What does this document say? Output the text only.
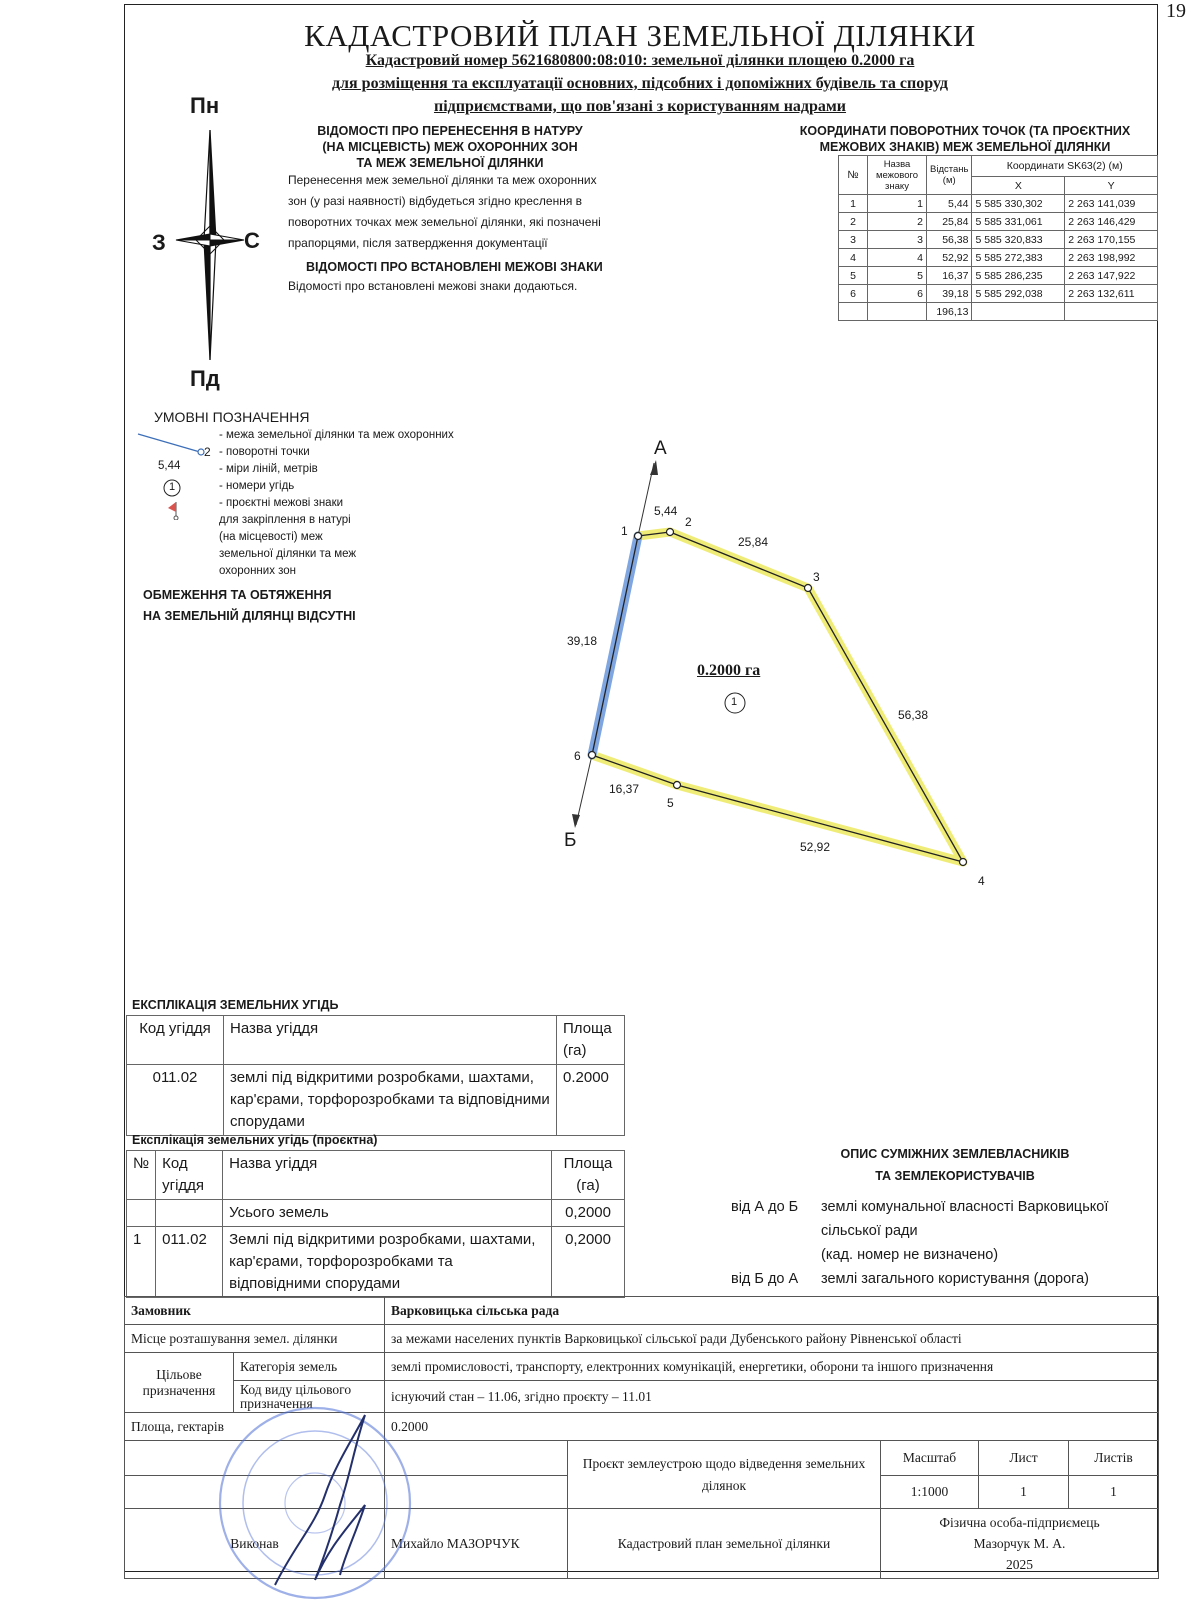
19
КАДАСТРОВИЙ ПЛАН ЗЕМЕЛЬНОЇ ДІЛЯНКИ
Кадастровий номер 5621680800:08:010: земельної ділянки площею 0.2000 га
для розміщення та експлуатації основних, підсобних і допоміжних будівель та споруд
підприємствами, що пов'язані з користуванням надрами
Пн
Пд
З	С
ВІДОМОСТІ ПРО ПЕРЕНЕСЕННЯ В НАТУРУ
(НА МІСЦЕВІСТЬ) МЕЖ ОХОРОННИХ ЗОН
ТА МЕЖ ЗЕМЕЛЬНОЇ ДІЛЯНКИ
Перенесення меж земельної ділянки та меж охоронних
зон (у разі наявності) відбудеться згідно креслення в
поворотних точках меж земельної ділянки, які позначені
прапорцями, після затвердження документації
ВІДОМОСТІ ПРО ВСТАНОВЛЕНІ МЕЖОВІ ЗНАКИ
Відомості про встановлені межові знаки додаються.
КООРДИНАТИ ПОВОРОТНИХ ТОЧОК (ТА ПРОЄКТНИХ
МЕЖОВИХ ЗНАКІВ) МЕЖ ЗЕМЕЛЬНОЇ ДІЛЯНКИ
№	Назва межового знаку	Відстань (м)	Координати SK63(2) (м)	
			X	Y
1	1	5,44	5 585 330,302	2 263 141,039
2	2	25,84	5 585 331,061	2 263 146,429
3	3	56,38	5 585 320,833	2 263 170,155
4	4	52,92	5 585 272,383	2 263 198,992
5	5	16,37	5 585 286,235	2 263 147,922
6	6	39,18	5 585 292,038	2 263 132,611
		196,13		
УМОВНІ ПОЗНАЧЕННЯ
2
5,44
1
- межа земельної ділянки та меж охоронних
- поворотні точки
- міри ліній, метрів
- номери угідь
- проєктні межові знаки
для закріплення в натурі
(на місцевості) меж
земельної ділянки та меж
охоронних зон
ОБМЕЖЕННЯ ТА ОБТЯЖЕННЯ
НА ЗЕМЕЛЬНІЙ ДІЛЯНЦІ ВІДСУТНІ
1
2
3
4
5
6
5,44
25,84
56,38
52,92
16,37
39,18
0.2000 га
1
А
Б
ЕКСПЛІКАЦІЯ ЗЕМЕЛЬНИХ УГІДЬ
Код угіддя	Назва угіддя	Площа (га)
011.02	землі під відкритими розробками, шахтами, кар'єрами, торфорозробками та відповідними спорудами	0.2000
Експлікація земельних угідь (проєктна)
№	Код угіддя	Назва угіддя	Площа (га)
		Усього земель	0,2000
1	011.02	Землі під відкритими розробками, шахтами, кар'єрами, торфорозробками та відповідними спорудами	0,2000
ОПИС СУМІЖНИХ ЗЕМЛЕВЛАСНИКІВ
ТА ЗЕМЛЕКОРИСТУВАЧІВ
від А до Б землі комунальної власності Варковицької
сільської ради
(кад. номер не визначено)
від Б до А землі загального користування (дорога)
Замовник	Варковицька сільська рада
Місце розташування земел. ділянки	за межами населених пунктів Варковицької сільської ради Дубенського району Рівненської області
Цільове призначення	Категорія земель	землі промисловості, транспорту, електронних комунікацій, енергетики, оборони та іншого призначення
Код виду цільового призначення	існуючий стан – 11.06, згідно проєкту – 11.01
Площа, гектарів	0.2000
		Проєкт землеустрою щодо відведення земельних ділянок	Масштаб		Лист	Листів

		1:1000		1	1

Виконав	Михайло МАЗОРЧУК	Кадастровий план земельної ділянки	
Фізична особа-підприємець
Мазорчук М. А.
2025
